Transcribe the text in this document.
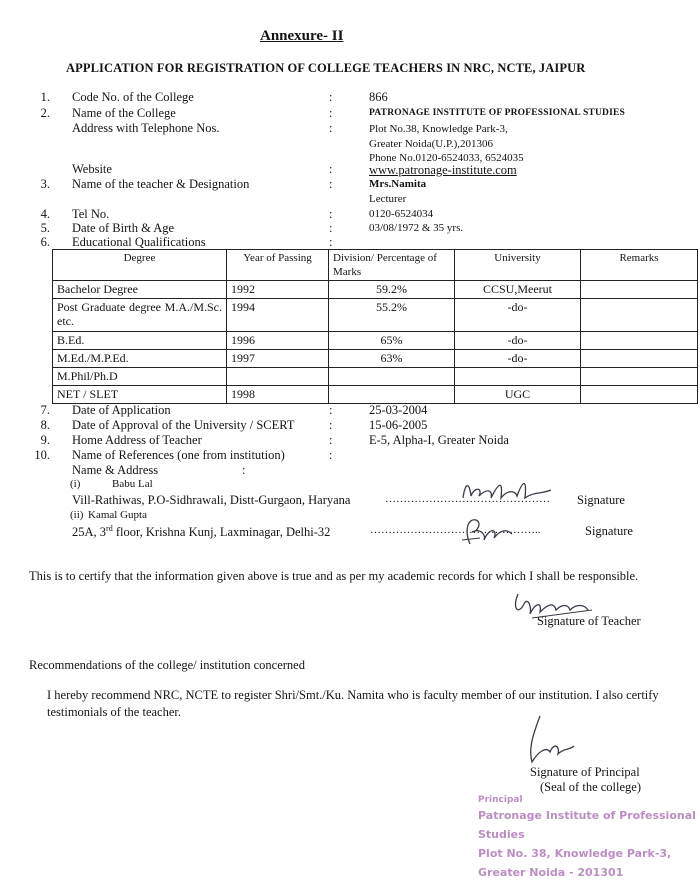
Annexure- II
APPLICATION FOR REGISTRATION OF COLLEGE TEACHERS IN NRC, NCTE, JAIPUR
1. Code No. of the College	:	866
2. Name of the College	:	PATRONAGE INSTITUTE OF PROFESSIONAL STUDIES
Address with Telephone Nos.	:	Plot No.38, Knowledge Park-3,
Greater Noida(U.P.),201306
Phone No.0120-6524033, 6524035
Website	:	www.patronage-institute.com
3. Name of the teacher & Designation	:	Mrs.Namita
Lecturer
4. Tel No.	:	0120-6524034
5. Date of Birth & Age	:	03/08/1972 & 35 yrs.
6. Educational Qualifications	:
Degree	Year of Passing	Division/ Percentage of Marks	University	Remarks
Bachelor Degree	1992	59.2%	CCSU,Meerut	
Post Graduate degree M.A./M.Sc. etc.	1994	55.2%	-do-	
B.Ed.	1996	65%	-do-	
M.Ed./M.P.Ed.	1997	63%	-do-	
M.Phil/Ph.D				
NET / SLET	1998		UGC	
7. Date of Application	:	25-03-2004
8. Date of Approval of the University / SCERT	:	15-06-2005
9. Home Address of Teacher	:	E-5, Alpha-I, Greater Noida
10. Name of References (one from institution)	:
Name & Address	:
(i)	Babu Lal
Vill-Rathiwas, P.O-Sidhrawali, Distt-Gurgaon, Haryana	……………………………………… Signature
(ii) Kamal Gupta
25A, 3rd floor, Krishna Kunj, Laxminagar, Delhi-32	………………………………………..	Signature
This is to certify that the information given above is true and as per my academic records for which I shall be responsible.
Signature of Teacher
Recommendations of the college/ institution concerned
I hereby recommend NRC, NCTE to register Shri/Smt./Ku. Namita who is faculty member of our institution. I also certify testimonials of the teacher.
Signature of Principal
(Seal of the college)
Principal
Patronage Institute of Professional Studies
Plot No. 38, Knowledge Park-3,
Greater Noida - 201301
